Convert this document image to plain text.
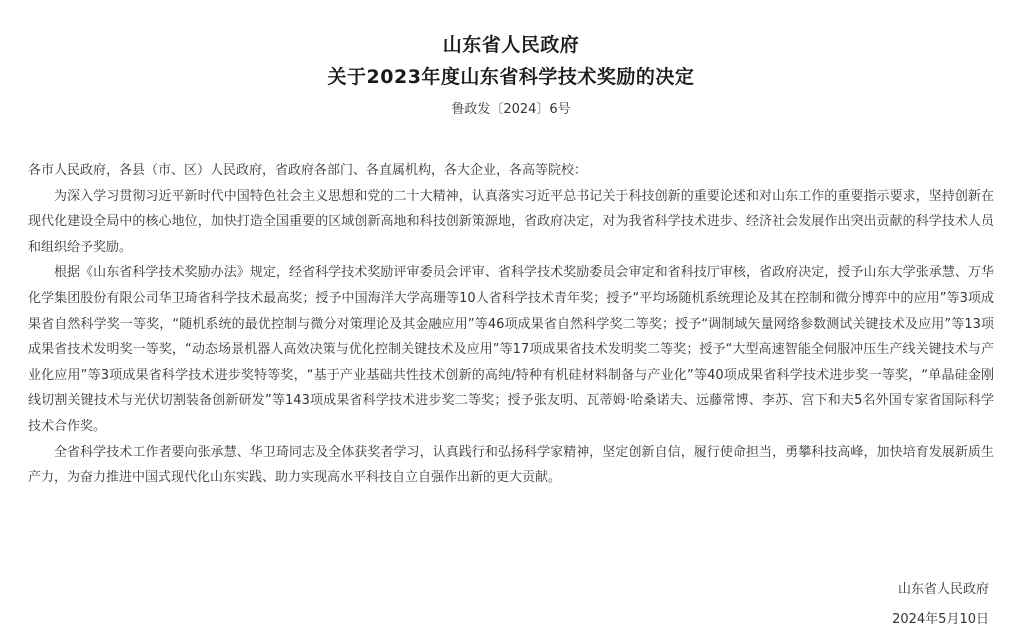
山东省人民政府
关于2023年度山东省科学技术奖励的决定
鲁政发〔2024〕6号

各市人民政府，各县（市、区）人民政府，省政府各部门、各直属机构，各大企业，各高等院校：

为深入学习贯彻习近平新时代中国特色社会主义思想和党的二十大精神，认真落实习近平总书记关于科技创新的重要论述和对山东工作的重要指示要求，坚持创新在现代化建设全局中的核心地位，加快打造全国重要的区域创新高地和科技创新策源地，省政府决定，对为我省科学技术进步、经济社会发展作出突出贡献的科学技术人员和组织给予奖励。

根据《山东省科学技术奖励办法》规定，经省科学技术奖励评审委员会评审、省科学技术奖励委员会审定和省科技厅审核，省政府决定，授予山东大学张承慧、万华化学集团股份有限公司华卫琦省科学技术最高奖；授予中国海洋大学高珊等10人省科学技术青年奖；授予“平均场随机系统理论及其在控制和微分博弈中的应用”等3项成果省自然科学奖一等奖，“随机系统的最优控制与微分对策理论及其金融应用”等46项成果省自然科学奖二等奖；授予“调制域矢量网络参数测试关键技术及应用”等13项成果省技术发明奖一等奖，“动态场景机器人高效决策与优化控制关键技术及应用”等17项成果省技术发明奖二等奖；授予“大型高速智能全伺服冲压生产线关键技术与产业化应用”等3项成果省科学技术进步奖特等奖，“基于产业基础共性技术创新的高纯/特种有机硅材料制备与产业化”等40项成果省科学技术进步奖一等奖，“单晶硅金刚线切割关键技术与光伏切割装备创新研发”等143项成果省科学技术进步奖二等奖；授予张友明、瓦蒂姆·哈桑诺夫、远藤常博、李苏、宫下和夫5名外国专家省国际科学技术合作奖。

全省科学技术工作者要向张承慧、华卫琦同志及全体获奖者学习，认真践行和弘扬科学家精神，坚定创新自信，履行使命担当，勇攀科技高峰，加快培育发展新质生产力，为奋力推进中国式现代化山东实践、助力实现高水平科技自立自强作出新的更大贡献。

山东省人民政府
2024年5月10日
